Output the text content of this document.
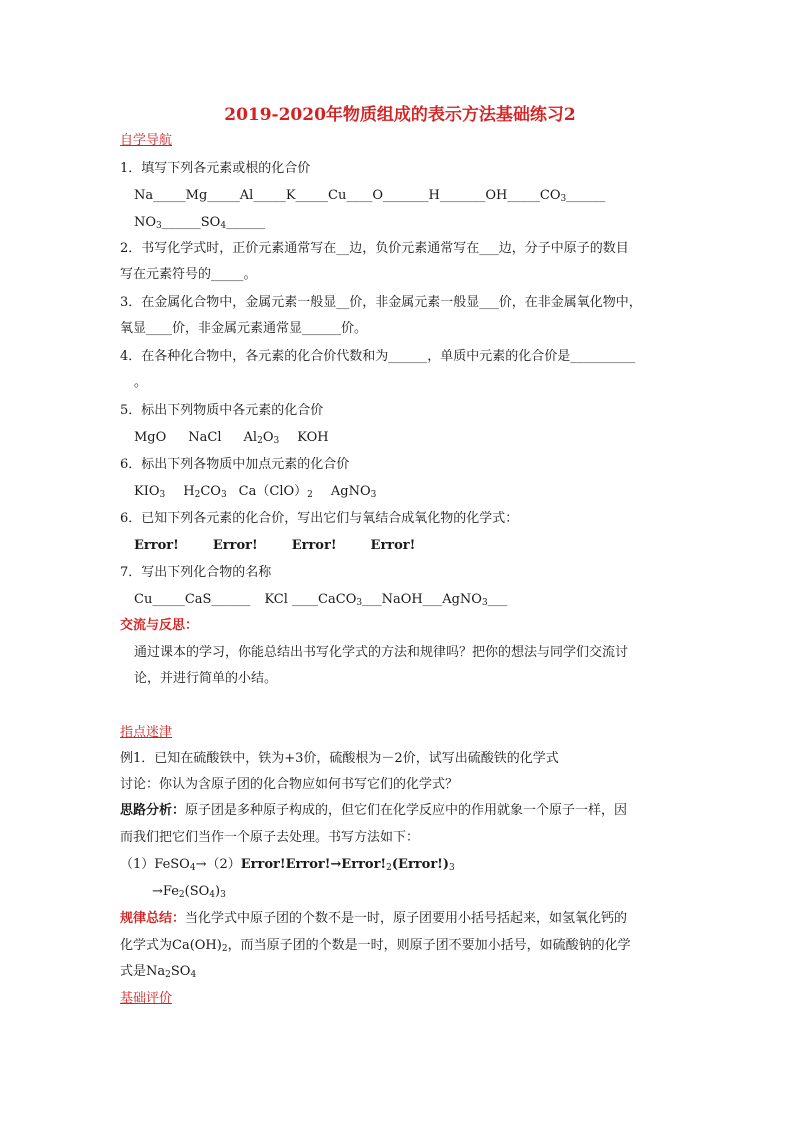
2019-2020年物质组成的表示方法基础练习2
自学导航
1．填写下列各元素或根的化合价
$Na\_\_\_\_\_Mg\_\_\_\_\_Al\_\_\_\_\_K\_\_\_\_\_Cu\_\_\_\_O\_\_\_\_\_\_\_H\_\_\_\_\_\_\_OH\_\_\_\_\_CO_3\_\_\_\_\_\_$
$NO_3\_\_\_\_\_\_SO_4\_\_\_\_\_\_$
2．书写化学式时，正价元素通常写在__边，负价元素通常写在___边，分子中原子的数目
写在元素符号的_____。
3．在金属化合物中，金属元素一般显__价，非金属元素一般显___价，在非金属氧化物中，
氧显____价，非金属元素通常显______价。
4．在各种化合物中，各元素的化合价代数和为______，单质中元素的化合价是__________
。
5．标出下列物质中各元素的化合价
MgO NaCl $Al_2O_3$ KOH
6．标出下列各物质中加点元素的化合价
$KIO_3$ $H_2CO_3$ $Ca(ClO)_2$ AgNO$_3$
6．已知下列各元素的化合价，写出它们与氧结合成氧化物的化学式：
Error!	Error!	Error!	Error!
7．写出下列化合物的名称
Cu_____CaS______ KCl ____CaCO$_3$___NaOH___AgNO$_3$___
交流与反思：
通过课本的学习，你能总结出书写化学式的方法和规律吗？把你的想法与同学们交流讨
论，并进行简单的小结。
指点迷津
例1．已知在硫酸铁中，铁为+3价，硫酸根为－2价，试写出硫酸铁的化学式
讨论：你认为含原子团的化合物应如何书写它们的化学式？
思路分析：原子团是多种原子构成的，但它们在化学反应中的作用就象一个原子一样，因
而我们把它们当作一个原子去处理。书写方法如下：
$(1)FeSO_4\to(2)Error!Error!\to Error!_2(Error!)_3$
$\to Fe_2(SO_4)_3$
规律总结：当化学式中原子团的个数不是一时，原子团要用小括号括起来，如氢氧化钙的
化学式为$Ca(OH)_2$，而当原子团的个数是一时，则原子团不要加小括号，如硫酸钠的化学
式是$Na_2SO_4$
基础评价
